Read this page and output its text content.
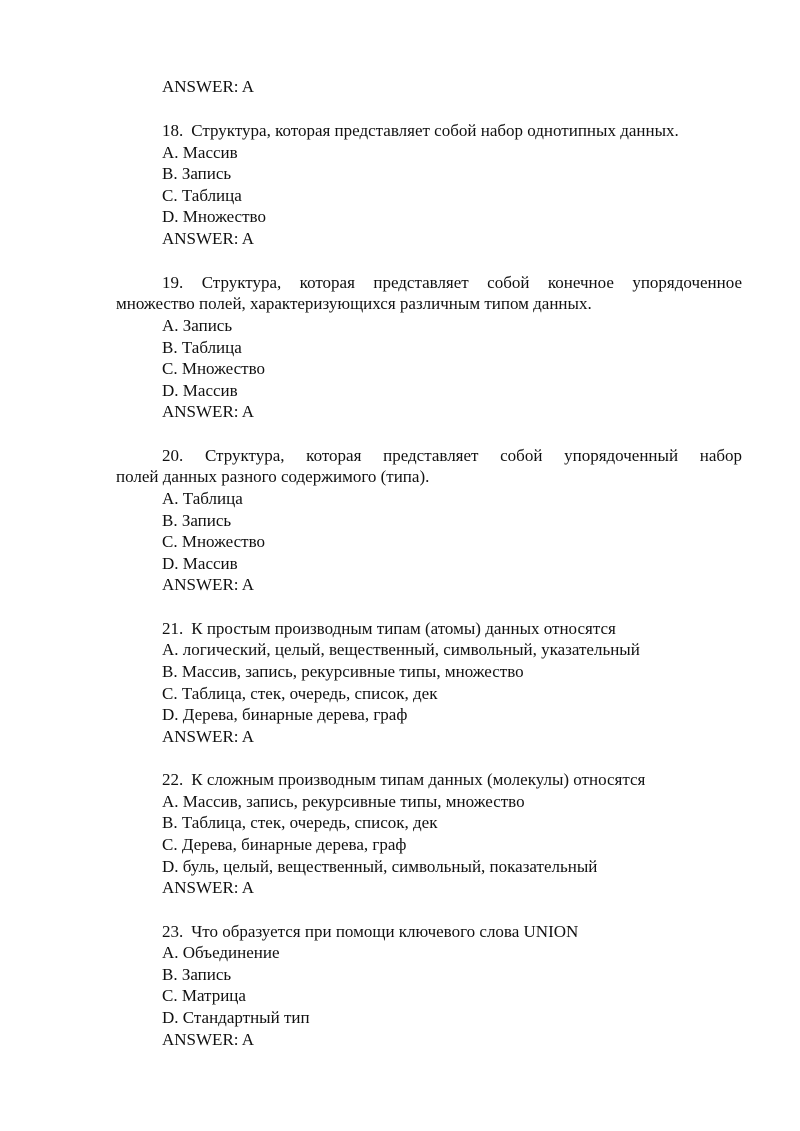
ANSWER: A
18. Структура, которая представляет собой набор однотипных данных.
A. Массив
B. Запись
C. Таблица
D. Множество
ANSWER: A
19. Структура, которая представляет собой конечное упорядоченное
множество полей, характеризующихся различным типом данных.
A. Запись
B. Таблица
C. Множество
D. Массив
ANSWER: A
20. Структура, которая представляет собой упорядоченный набор
полей данных разного содержимого (типа).
A. Таблица
B. Запись
C. Множество
D. Массив
ANSWER: A
21. К простым производным типам (атомы) данных относятся
A. логический, целый, вещественный, символьный, указательный
B. Массив, запись, рекурсивные типы, множество
C. Таблица, стек, очередь, список, дек
D. Дерева, бинарные дерева, граф
ANSWER: A
22. К сложным производным типам данных (молекулы) относятся
A. Массив, запись, рекурсивные типы, множество
B. Таблица, стек, очередь, список, дек
C. Дерева, бинарные дерева, граф
D. буль, целый, вещественный, символьный, показательный
ANSWER: A
23. Что образуется при помощи ключевого слова UNION
A. Объединение
B. Запись
C. Матрица
D. Стандартный тип
ANSWER: A
